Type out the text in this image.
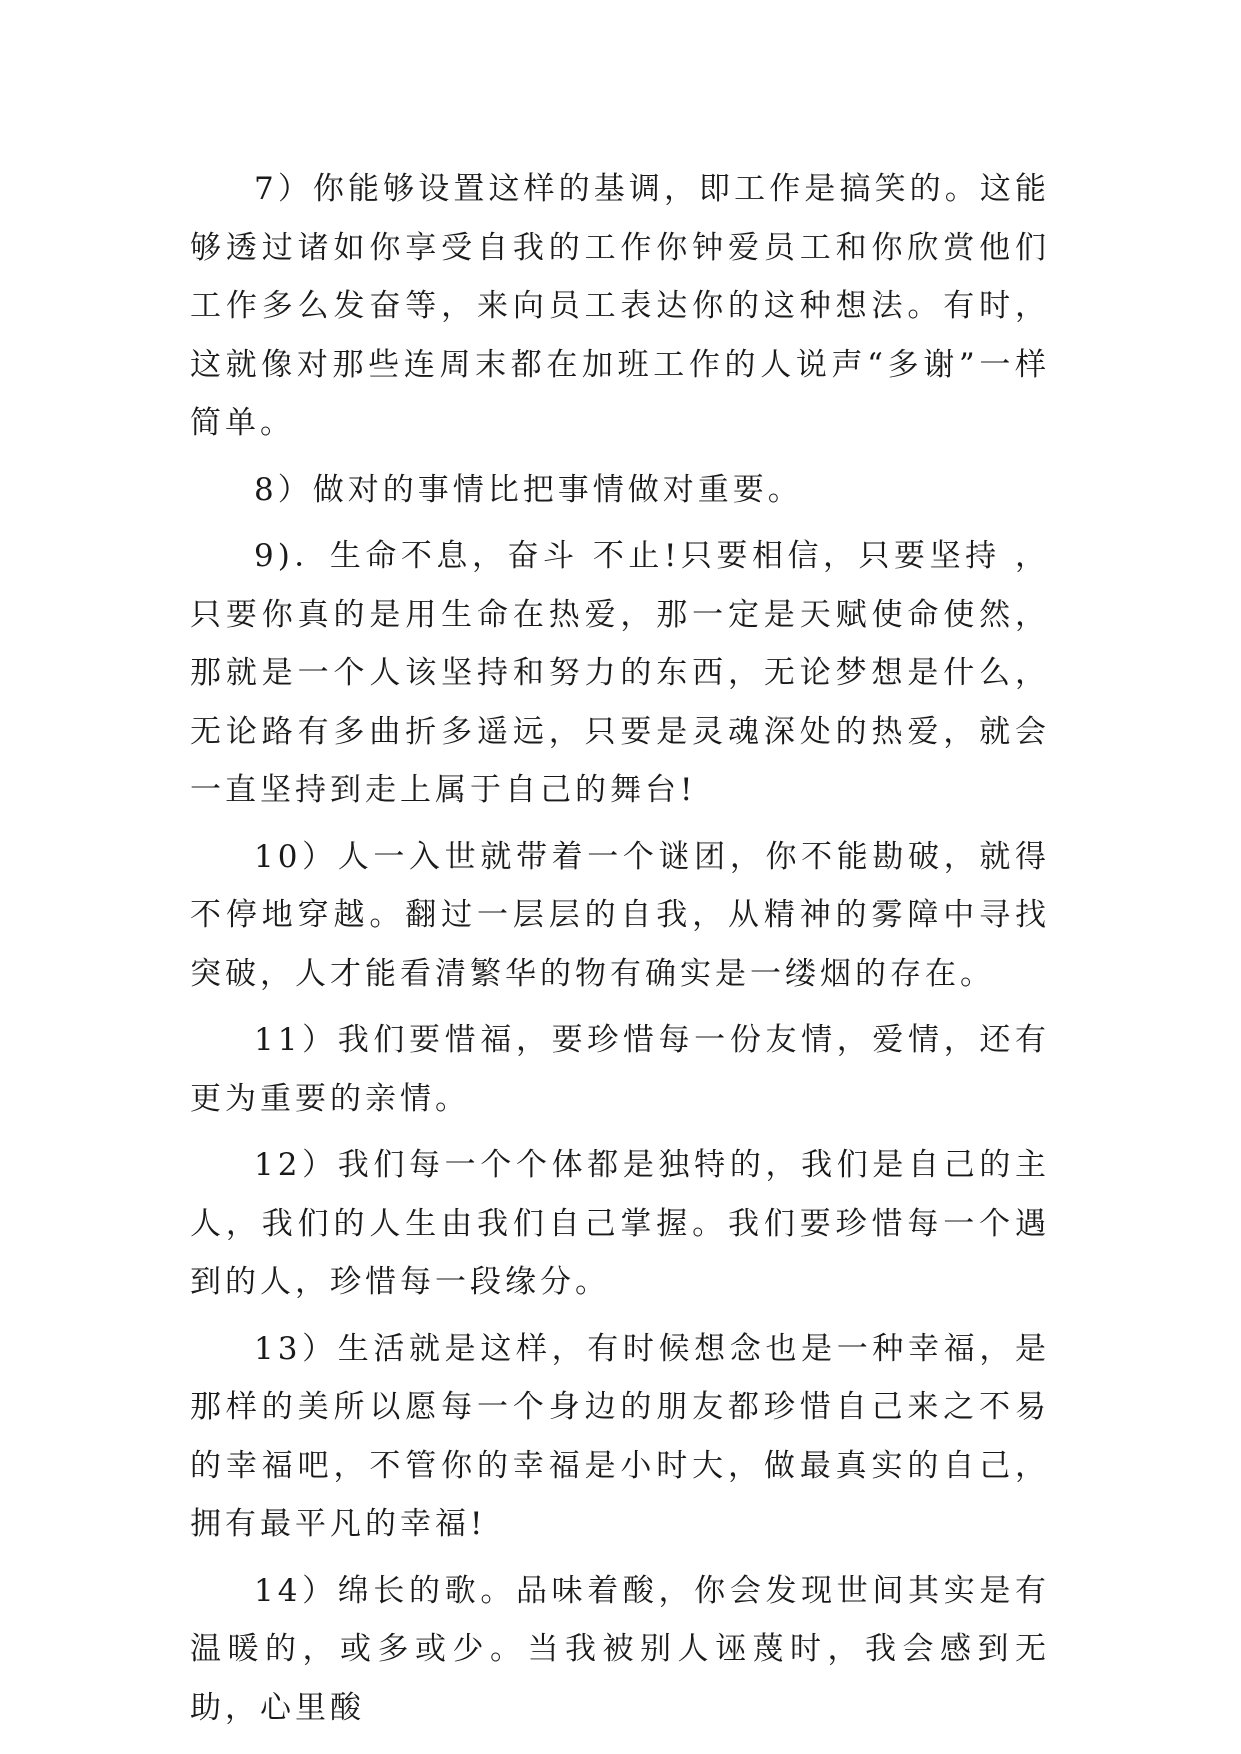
7）你能够设置这样的基调，即工作是搞笑的。这能够透过诸如你享受自我的工作你钟爱员工和你欣赏他们工作多么发奋等，来向员工表达你的这种想法。有时，这就像对那些连周末都在加班工作的人说声“多谢”一样简单。

8）做对的事情比把事情做对重要。

9)．生命不息，奋斗 不止!只要相信，只要坚持 ，只要你真的是用生命在热爱，那一定是天赋使命使然，那就是一个人该坚持和努力的东西，无论梦想是什么，无论路有多曲折多遥远，只要是灵魂深处的热爱，就会一直坚持到走上属于自己的舞台!

10）人一入世就带着一个谜团，你不能勘破，就得不停地穿越。翻过一层层的自我，从精神的雾障中寻找突破，人才能看清繁华的物有确实是一缕烟的存在。

11）我们要惜福，要珍惜每一份友情，爱情，还有更为重要的亲情。

12）我们每一个个体都是独特的，我们是自己的主人，我们的人生由我们自己掌握。我们要珍惜每一个遇到的人，珍惜每一段缘分。

13）生活就是这样，有时候想念也是一种幸福，是那样的美所以愿每一个身边的朋友都珍惜自己来之不易的幸福吧，不管你的幸福是小时大，做最真实的自己，拥有最平凡的幸福!

14）绵长的歌。品味着酸，你会发现世间其实是有温暖的，或多或少。当我被别人诬蔑时，我会感到无助，心里酸
